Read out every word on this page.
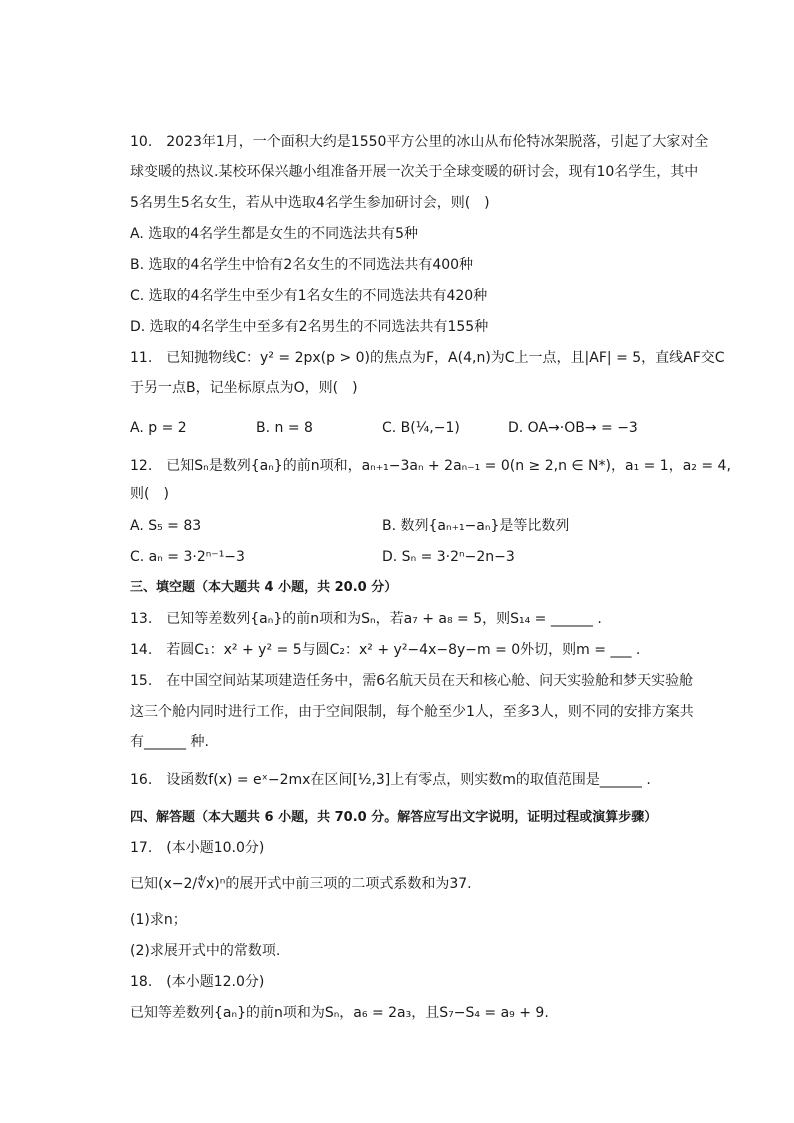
10.　2023年1月，一个面积大约是1550平方公里的冰山从布伦特冰架脱落，引起了大家对全
球变暖的热议.某校环保兴趣小组准备开展一次关于全球变暖的研讨会，现有10名学生，其中
5名男生5名女生，若从中选取4名学生参加研讨会，则(　)
A. 选取的4名学生都是女生的不同选法共有5种
B. 选取的4名学生中恰有2名女生的不同选法共有400种
C. 选取的4名学生中至少有1名女生的不同选法共有420种
D. 选取的4名学生中至多有2名男生的不同选法共有155种
11.　已知抛物线C：y² = 2px(p > 0)的焦点为F，A(4,n)为C上一点，且|AF| = 5，直线AF交C
于另一点B，记坐标原点为O，则(　)
A. p = 2	B. n = 8	C. B(¼,−1)	D. OA→·OB→ = −3
12.　已知Sₙ是数列{aₙ}的前n项和，aₙ₊₁−3aₙ + 2aₙ₋₁ = 0(n ≥ 2,n ∈ N*)，a₁ = 1，a₂ = 4,
则(　)
A. S₅ = 83	B. 数列{aₙ₊₁−aₙ}是等比数列
C. aₙ = 3·2ⁿ⁻¹−3	D. Sₙ = 3·2ⁿ−2n−3
三、填空题（本大题共 4 小题，共 20.0 分）
13.　已知等差数列{aₙ}的前n项和为Sₙ，若a₇ + a₈ = 5，则S₁₄ = ______ .
14.　若圆C₁：x² + y² = 5与圆C₂：x² + y²−4x−8y−m = 0外切，则m = ___ .
15.　在中国空间站某项建造任务中，需6名航天员在天和核心舱、问天实验舱和梦天实验舱
这三个舱内同时进行工作，由于空间限制，每个舱至少1人，至多3人，则不同的安排方案共
有______ 种.
16.　设函数f(x) = eˣ−2mx在区间[½,3]上有零点，则实数m的取值范围是______ .
四、解答题（本大题共 6 小题，共 70.0 分。解答应写出文字说明，证明过程或演算步骤）
17.　(本小题10.0分)
已知(x−2/∜x)ⁿ的展开式中前三项的二项式系数和为37.
(1)求n；
(2)求展开式中的常数项.
18.　(本小题12.0分)
已知等差数列{aₙ}的前n项和为Sₙ，a₆ = 2a₃，且S₇−S₄ = a₉ + 9.
